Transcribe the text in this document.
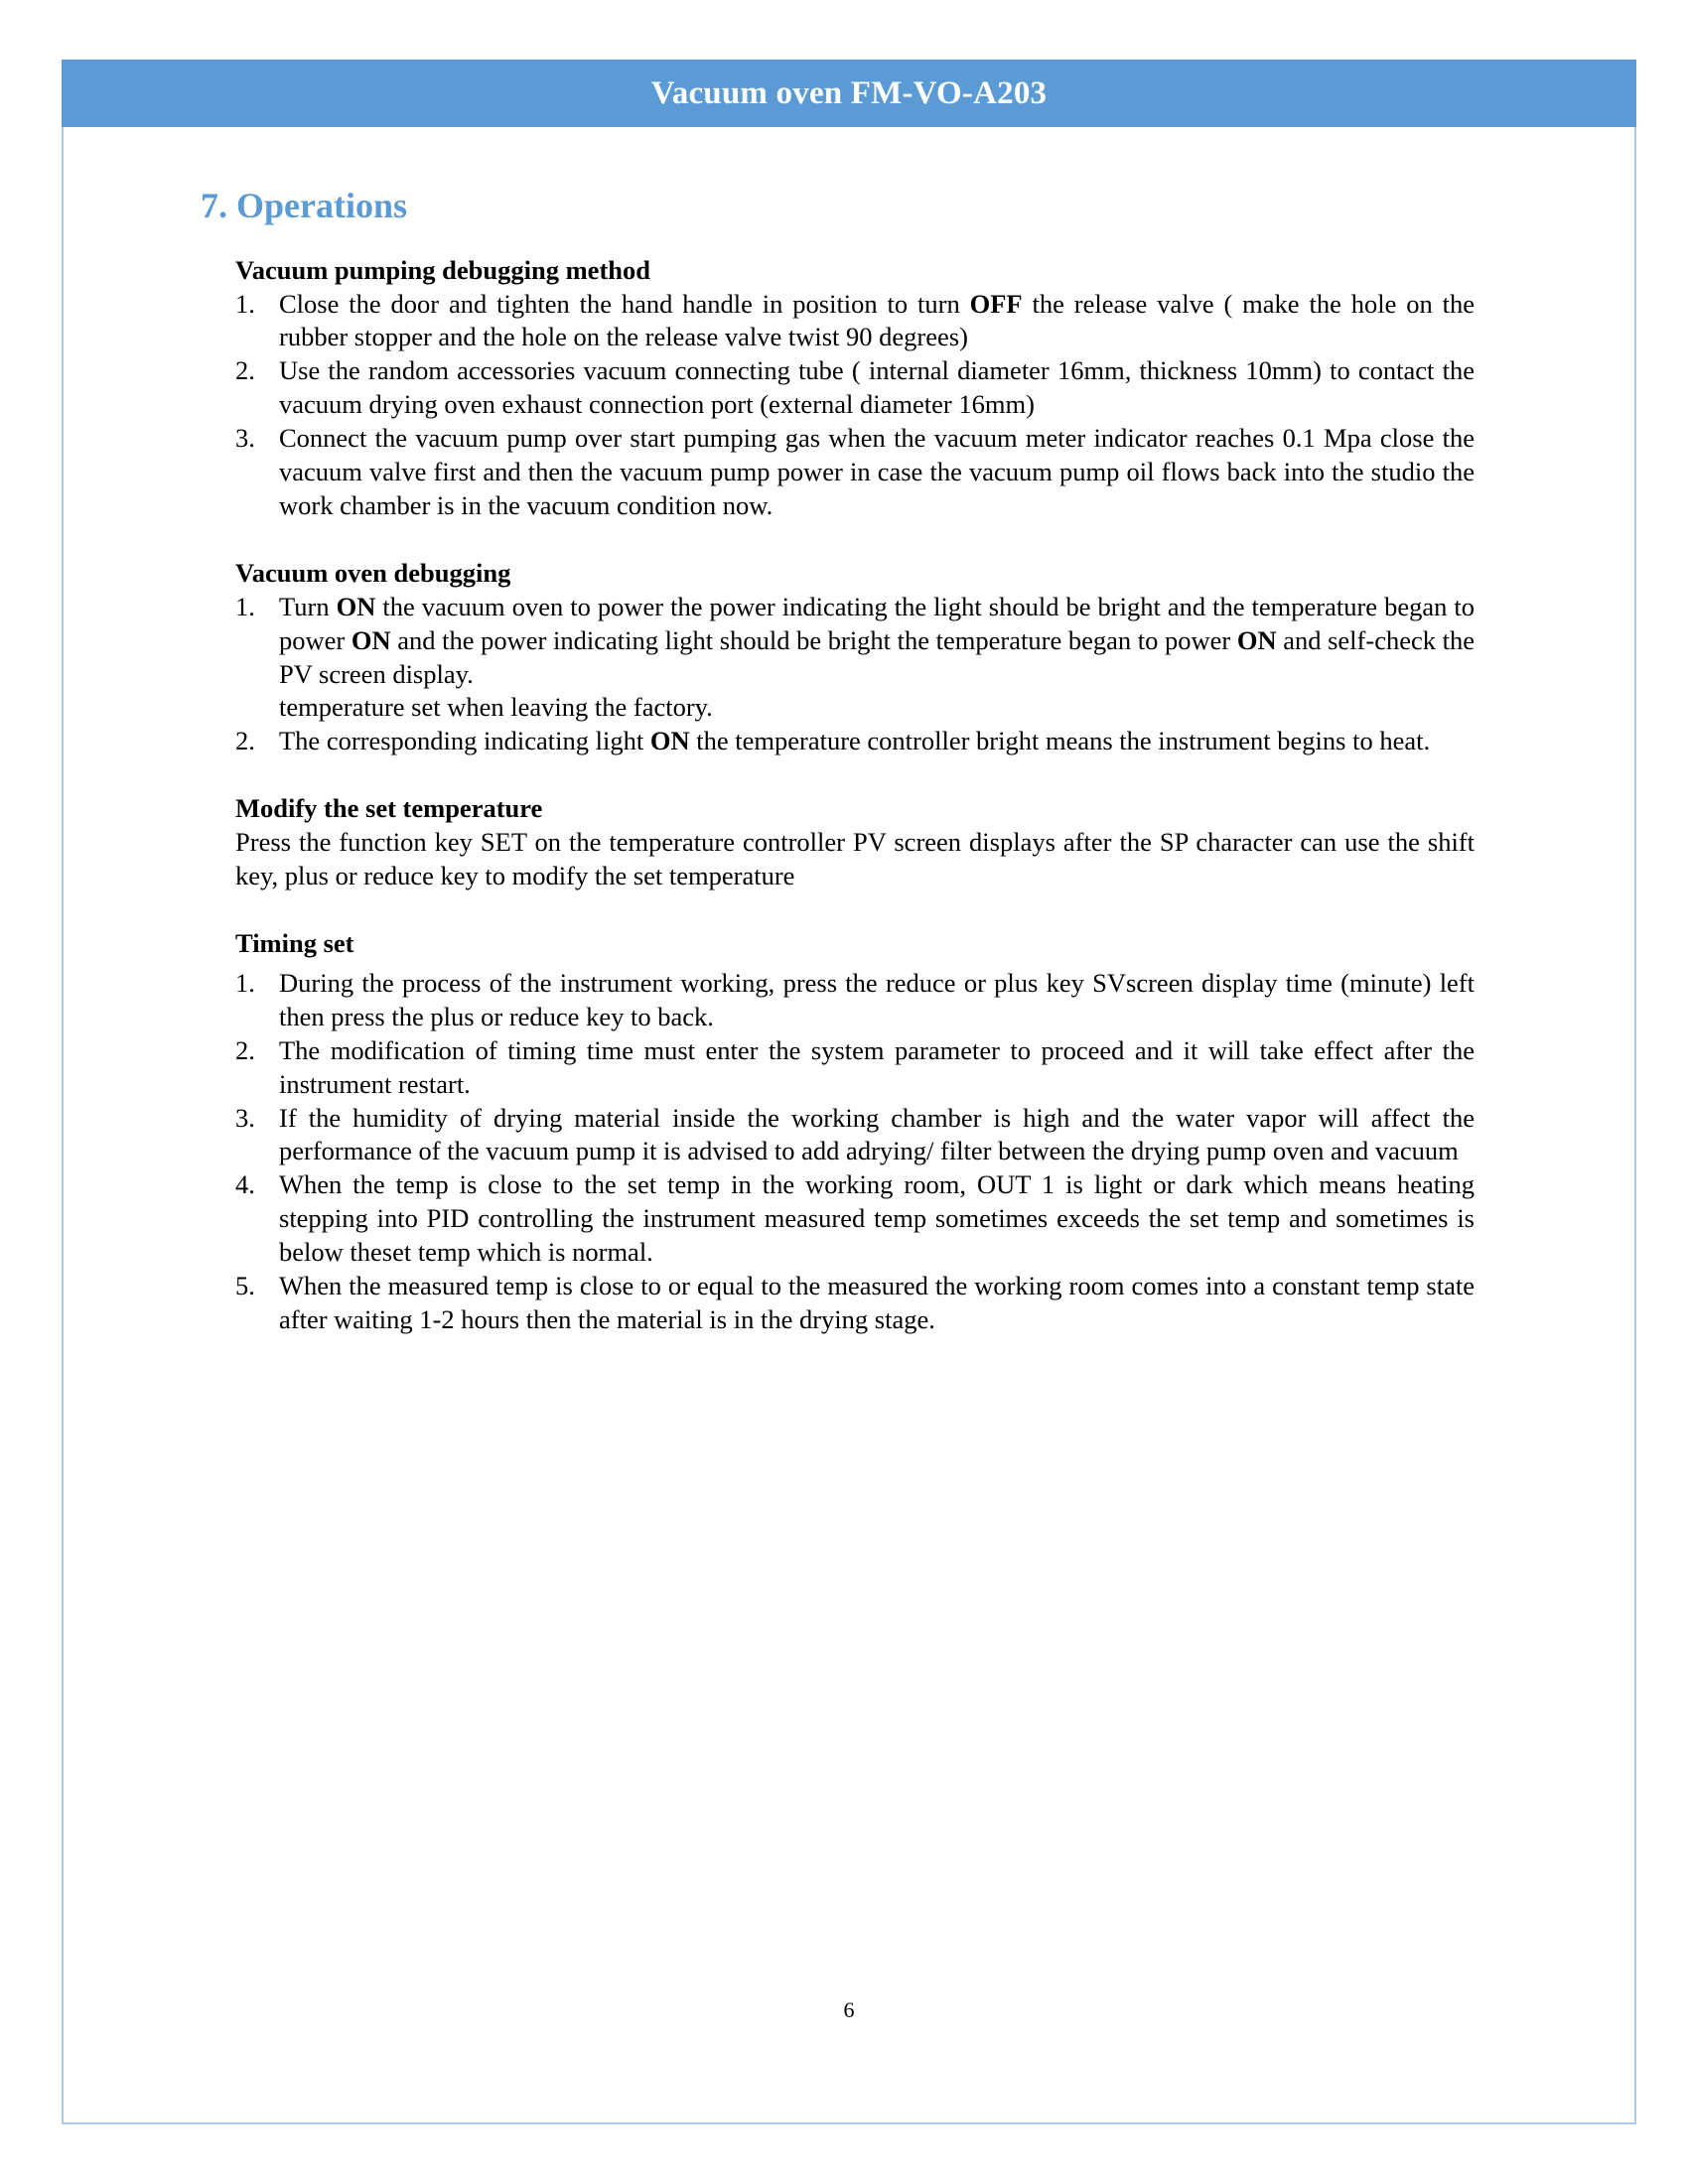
Vacuum oven FM-VO-A203
7. Operations
Vacuum pumping debugging method
1. Close the door and tighten the hand handle in position to turn OFF the release valve ( make the hole on the rubber stopper and the hole on the release valve twist 90 degrees)
2. Use the random accessories vacuum connecting tube ( internal diameter 16mm, thickness 10mm) to contact the vacuum drying oven exhaust connection port (external diameter 16mm)
3. Connect the vacuum pump over start pumping gas when the vacuum meter indicator reaches 0.1 Mpa close the vacuum valve first and then the vacuum pump power in case the vacuum pump oil flows back into the studio the work chamber is in the vacuum condition now.
Vacuum oven debugging
1. Turn ON the vacuum oven to power the power indicating the light should be bright and the temperature began to power ON and the power indicating light should be bright the temperature began to power ON and self-check the PV screen display.
temperature set when leaving the factory.
2. The corresponding indicating light ON the temperature controller bright means the instrument begins to heat.
Modify the set temperature
Press the function key SET on the temperature controller PV screen displays after the SP character can use the shift key, plus or reduce key to modify the set temperature
Timing set
1. During the process of the instrument working, press the reduce or plus key SVscreen display time (minute) left then press the plus or reduce key to back.
2. The modification of timing time must enter the system parameter to proceed and it will take effect after the instrument restart.
3. If the humidity of drying material inside the working chamber is high and the water vapor will affect the performance of the vacuum pump it is advised to add adrying/ filter between the drying pump oven and vacuum
4. When the temp is close to the set temp in the working room, OUT 1 is light or dark which means heating stepping into PID controlling the instrument measured temp sometimes exceeds the set temp and sometimes is below theset temp which is normal.
5. When the measured temp is close to or equal to the measured the working room comes into a constant temp state after waiting 1-2 hours then the material is in the drying stage.
6
